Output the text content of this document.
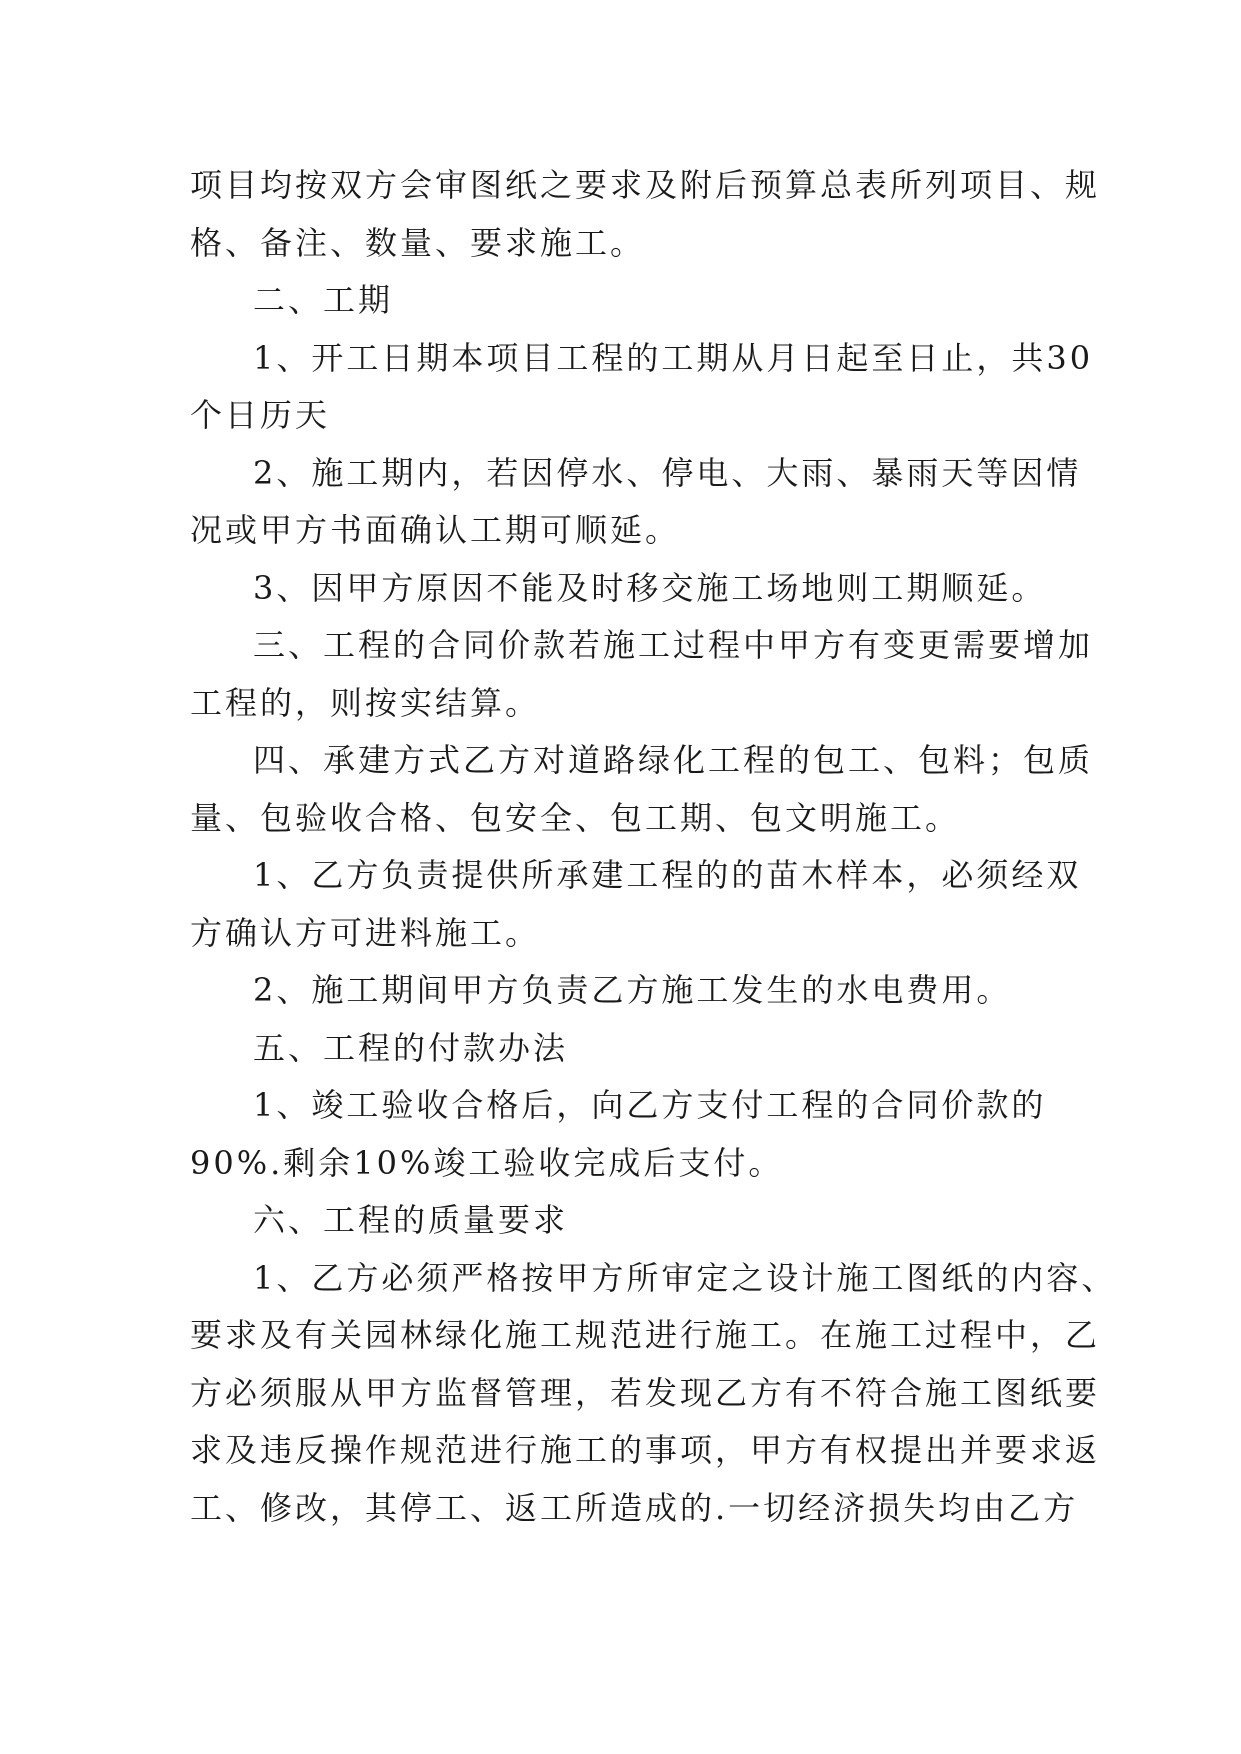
项目均按双方会审图纸之要求及附后预算总表所列项目、规
格、备注、数量、要求施工。
二、工期
1、开工日期本项目工程的工期从月日起至日止，共30
个日历天
2、施工期内，若因停水、停电、大雨、暴雨天等因情
况或甲方书面确认工期可顺延。
3、因甲方原因不能及时移交施工场地则工期顺延。
三、工程的合同价款若施工过程中甲方有变更需要增加
工程的，则按实结算。
四、承建方式乙方对道路绿化工程的包工、包料；包质
量、包验收合格、包安全、包工期、包文明施工。
1、乙方负责提供所承建工程的的苗木样本，必须经双
方确认方可进料施工。
2、施工期间甲方负责乙方施工发生的水电费用。
五、工程的付款办法
1、竣工验收合格后，向乙方支付工程的合同价款的
90%.剩余10%竣工验收完成后支付。
六、工程的质量要求
1、乙方必须严格按甲方所审定之设计施工图纸的内容、
要求及有关园林绿化施工规范进行施工。在施工过程中，乙
方必须服从甲方监督管理，若发现乙方有不符合施工图纸要
求及违反操作规范进行施工的事项，甲方有权提出并要求返
工、修改，其停工、返工所造成的.一切经济损失均由乙方
